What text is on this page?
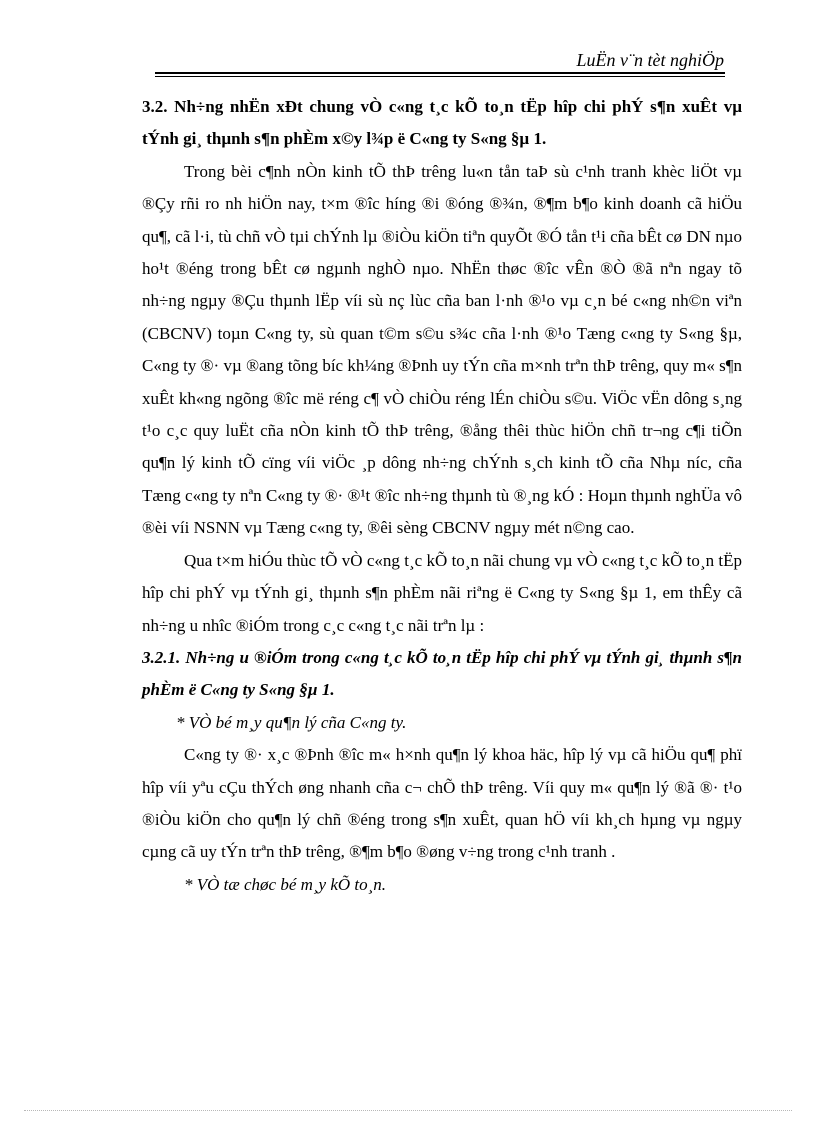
LuËn v¨n tèt nghiÖp

3.2. Nh÷ng nhËn xÐt chung vÒ c«ng t¸c kÕ to¸n tËp hîp chi phÝ s¶n xuÊt vµ tÝnh gi¸ thµnh s¶n phÈm x©y l¾p ë C«ng ty S«ng §µ 1.

Trong bèi c¶nh nÒn kinh tÕ thÞ trêng lu«n tån taÞ sù c¹nh tranh khèc liÖt vµ ®Çy rñi ro nh hiÖn nay, t×m ®îc híng ®i ®óng ®¾n, ®¶m b¶o kinh doanh cã hiÖu qu¶, cã l·i, tù chñ vÒ tµi chÝnh lµ ®iÒu kiÖn tiªn quyÕt ®Ó tån t¹i cña bÊt cø DN nµo ho¹t ®éng trong bÊt cø ngµnh nghÒ nµo. NhËn thøc ®îc vÊn ®Ò ®ã nªn ngay tõ nh÷ng ngµy ®Çu thµnh lËp víi sù nç lùc cña ban l·nh ®¹o vµ c¸n bé c«ng nh©n viªn (CBCNV) toµn C«ng ty, sù quan t©m s©u s¾c cña l·nh ®¹o Tæng c«ng ty S«ng §µ, C«ng ty ®· vµ ®ang tõng bíc kh¼ng ®Þnh uy tÝn cña m×nh trªn thÞ trêng, quy m« s¶n xuÊt kh«ng ngõng ®îc më réng c¶ vÒ chiÒu réng lÉn chiÒu s©u. ViÖc vËn dông s¸ng t¹o c¸c quy luËt cña nÒn kinh tÕ thÞ trêng, ®ång thêi thùc hiÖn chñ tr¬ng c¶i tiÕn qu¶n lý kinh tÕ cïng víi viÖc ¸p dông nh÷ng chÝnh s¸ch kinh tÕ cña Nhµ níc, cña Tæng c«ng ty nªn C«ng ty ®· ®¹t ®îc nh÷ng thµnh tù ®¸ng kÓ : Hoµn thµnh nghÜa vô ®èi víi NSNN vµ Tæng c«ng ty, ®êi sèng CBCNV ngµy mét n©ng cao.

Qua t×m hiÓu thùc tÕ vÒ c«ng t¸c kÕ to¸n nãi chung vµ vÒ c«ng t¸c kÕ to¸n tËp hîp chi phÝ vµ tÝnh gi¸ thµnh s¶n phÈm nãi riªng ë C«ng ty S«ng §µ 1, em thÊy cã nh÷ng u nhîc ®iÓm trong c¸c c«ng t¸c nãi trªn lµ :

3.2.1. Nh÷ng u ®iÓm trong c«ng t¸c kÕ to¸n tËp hîp chi phÝ vµ tÝnh gi¸ thµnh s¶n phÈm ë C«ng ty S«ng §µ 1.

* VÒ bé m¸y qu¶n lý cña C«ng ty.

C«ng ty ®· x¸c ®Þnh ®îc m« h×nh qu¶n lý khoa häc, hîp lý vµ cã hiÖu qu¶ phï hîp víi yªu cÇu thÝch øng nhanh cña c¬ chÕ thÞ trêng. Víi quy m« qu¶n lý ®ã ®· t¹o ®iÒu kiÖn cho qu¶n lý chñ ®éng trong s¶n xuÊt, quan hÖ víi kh¸ch hµng vµ ngµy cµng cã uy tÝn trªn thÞ trêng, ®¶m b¶o ®øng v÷ng trong c¹nh tranh .

* VÒ tæ chøc bé m¸y kÕ to¸n.
